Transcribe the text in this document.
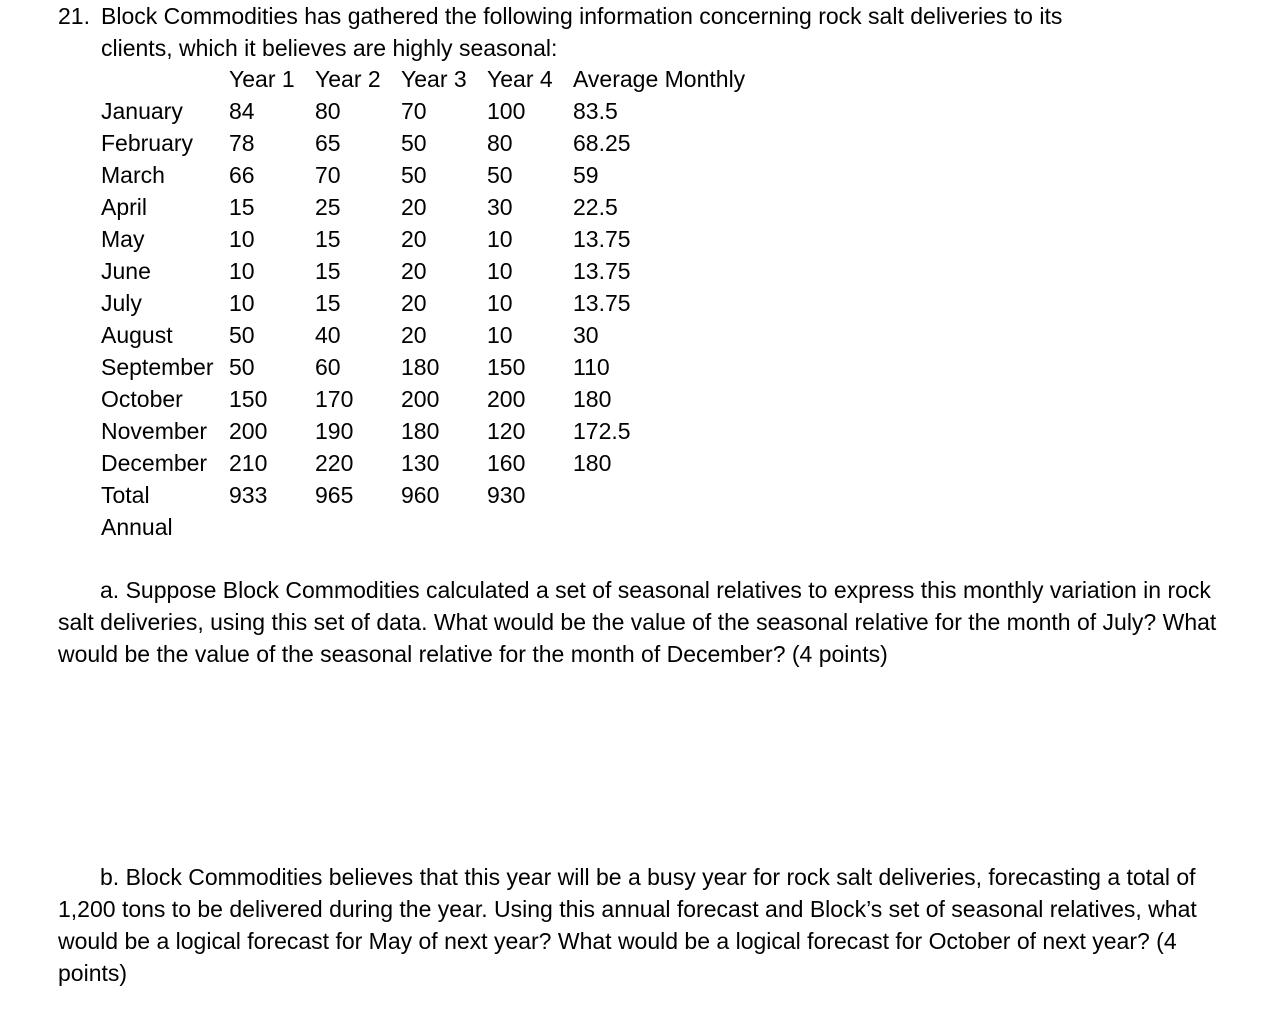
21. Block Commodities has gathered the following information concerning rock salt deliveries to its
clients, which it believes are highly seasonal:
	Year 1	Year 2	Year 3	Year 4	Average Monthly
January	84	80	70	100	83.5
February	78	65	50	80	68.25
March	66	70	50	50	59
April	15	25	20	30	22.5
May	10	15	20	10	13.75
June	10	15	20	10	13.75
July	10	15	20	10	13.75
August	50	40	20	10	30
September	50	60	180	150	110
October	150	170	200	200	180
November	200	190	180	120	172.5
December	210	220	130	160	180
Total	933	965	960	930	
Annual					
a. Suppose Block Commodities calculated a set of seasonal relatives to express this monthly variation in rock salt deliveries, using this set of data. What would be the value of the seasonal relative for the month of July? What would be the value of the seasonal relative for the month of December? (4 points)
b. Block Commodities believes that this year will be a busy year for rock salt deliveries, forecasting a total of 1,200 tons to be delivered during the year. Using this annual forecast and Block’s set of seasonal relatives, what would be a logical forecast for May of next year? What would be a logical forecast for October of next year? (4 points)
